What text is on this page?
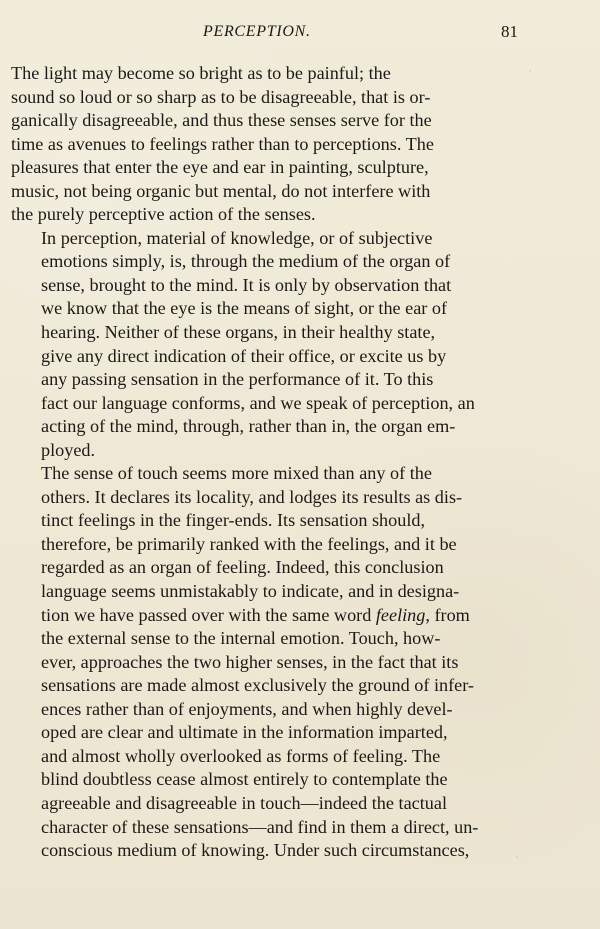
PERCEPTION.	81

The light may become so bright as to be painful; the
sound so loud or so sharp as to be disagreeable, that is or-
ganically disagreeable, and thus these senses serve for the
time as avenues to feelings rather than to perceptions. The
pleasures that enter the eye and ear in painting, sculpture,
music, not being organic but mental, do not interfere with
the purely perceptive action of the senses.

In perception, material of knowledge, or of subjective
emotions simply, is, through the medium of the organ of
sense, brought to the mind. It is only by observation that
we know that the eye is the means of sight, or the ear of
hearing. Neither of these organs, in their healthy state,
give any direct indication of their office, or excite us by
any passing sensation in the performance of it. To this
fact our language conforms, and we speak of perception, an
acting of the mind, through, rather than in, the organ em-
ployed.

The sense of touch seems more mixed than any of the
others. It declares its locality, and lodges its results as dis-
tinct feelings in the finger-ends. Its sensation should,
therefore, be primarily ranked with the feelings, and it be
regarded as an organ of feeling. Indeed, this conclusion
language seems unmistakably to indicate, and in designa-
tion we have passed over with the same word feeling, from
the external sense to the internal emotion. Touch, how-
ever, approaches the two higher senses, in the fact that its
sensations are made almost exclusively the ground of infer-
ences rather than of enjoyments, and when highly devel-
oped are clear and ultimate in the information imparted,
and almost wholly overlooked as forms of feeling. The
blind doubtless cease almost entirely to contemplate the
agreeable and disagreeable in touch—indeed the tactual
character of these sensations—and find in them a direct, un-
conscious medium of knowing. Under such circumstances,
